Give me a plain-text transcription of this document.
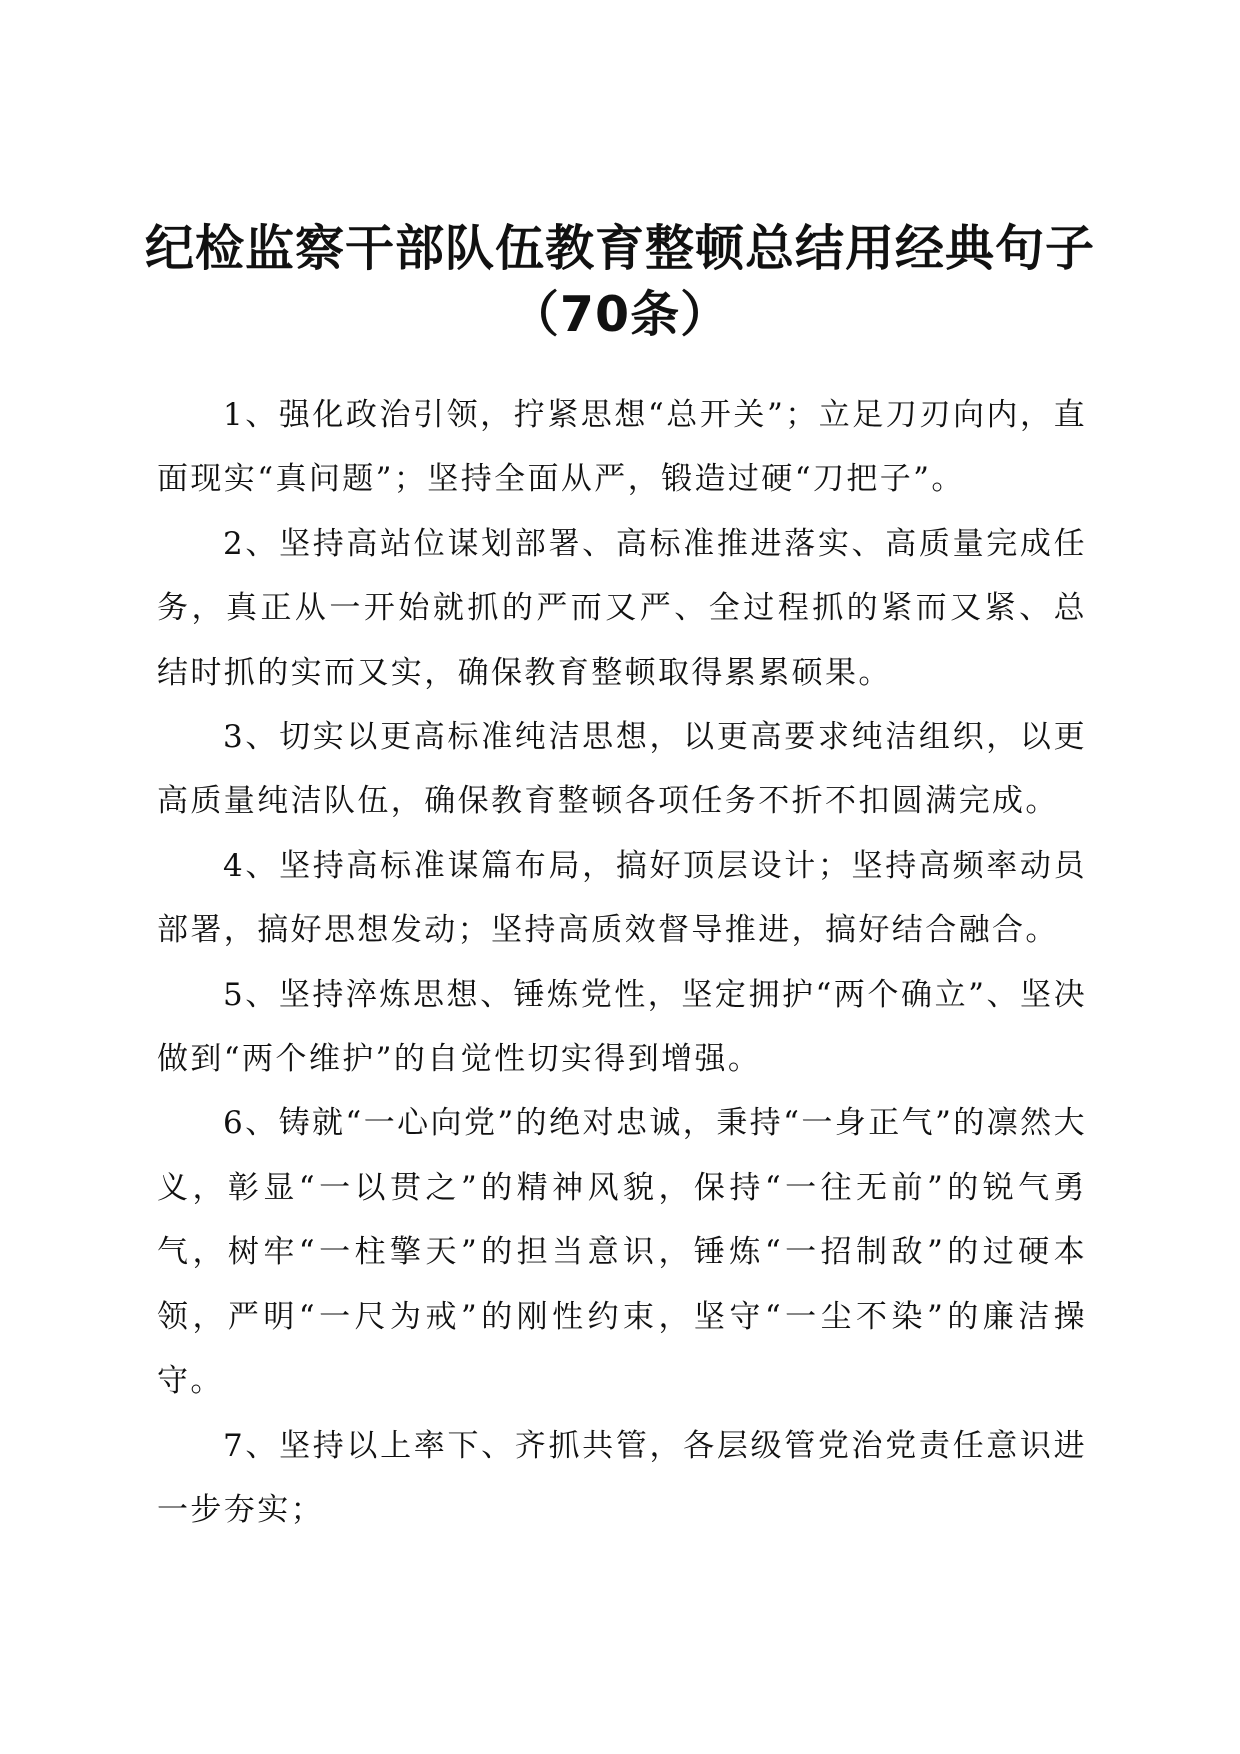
纪检监察干部队伍教育整顿总结用经典句子
（70条）

1、强化政治引领，拧紧思想“总开关”；立足刀刃向内，直面现实“真问题”；坚持全面从严，锻造过硬“刀把子”。

2、坚持高站位谋划部署、高标准推进落实、高质量完成任务，真正从一开始就抓的严而又严、全过程抓的紧而又紧、总结时抓的实而又实，确保教育整顿取得累累硕果。

3、切实以更高标准纯洁思想，以更高要求纯洁组织，以更高质量纯洁队伍，确保教育整顿各项任务不折不扣圆满完成。

4、坚持高标准谋篇布局，搞好顶层设计；坚持高频率动员部署，搞好思想发动；坚持高质效督导推进，搞好结合融合。

5、坚持淬炼思想、锤炼党性，坚定拥护“两个确立”、坚决做到“两个维护”的自觉性切实得到增强。

6、铸就“一心向党”的绝对忠诚，秉持“一身正气”的凛然大义，彰显“一以贯之”的精神风貌，保持“一往无前”的锐气勇气，树牢“一柱擎天”的担当意识，锤炼“一招制敌”的过硬本领，严明“一尺为戒”的刚性约束，坚守“一尘不染”的廉洁操守。

7、坚持以上率下、齐抓共管，各层级管党治党责任意识进一步夯实；
